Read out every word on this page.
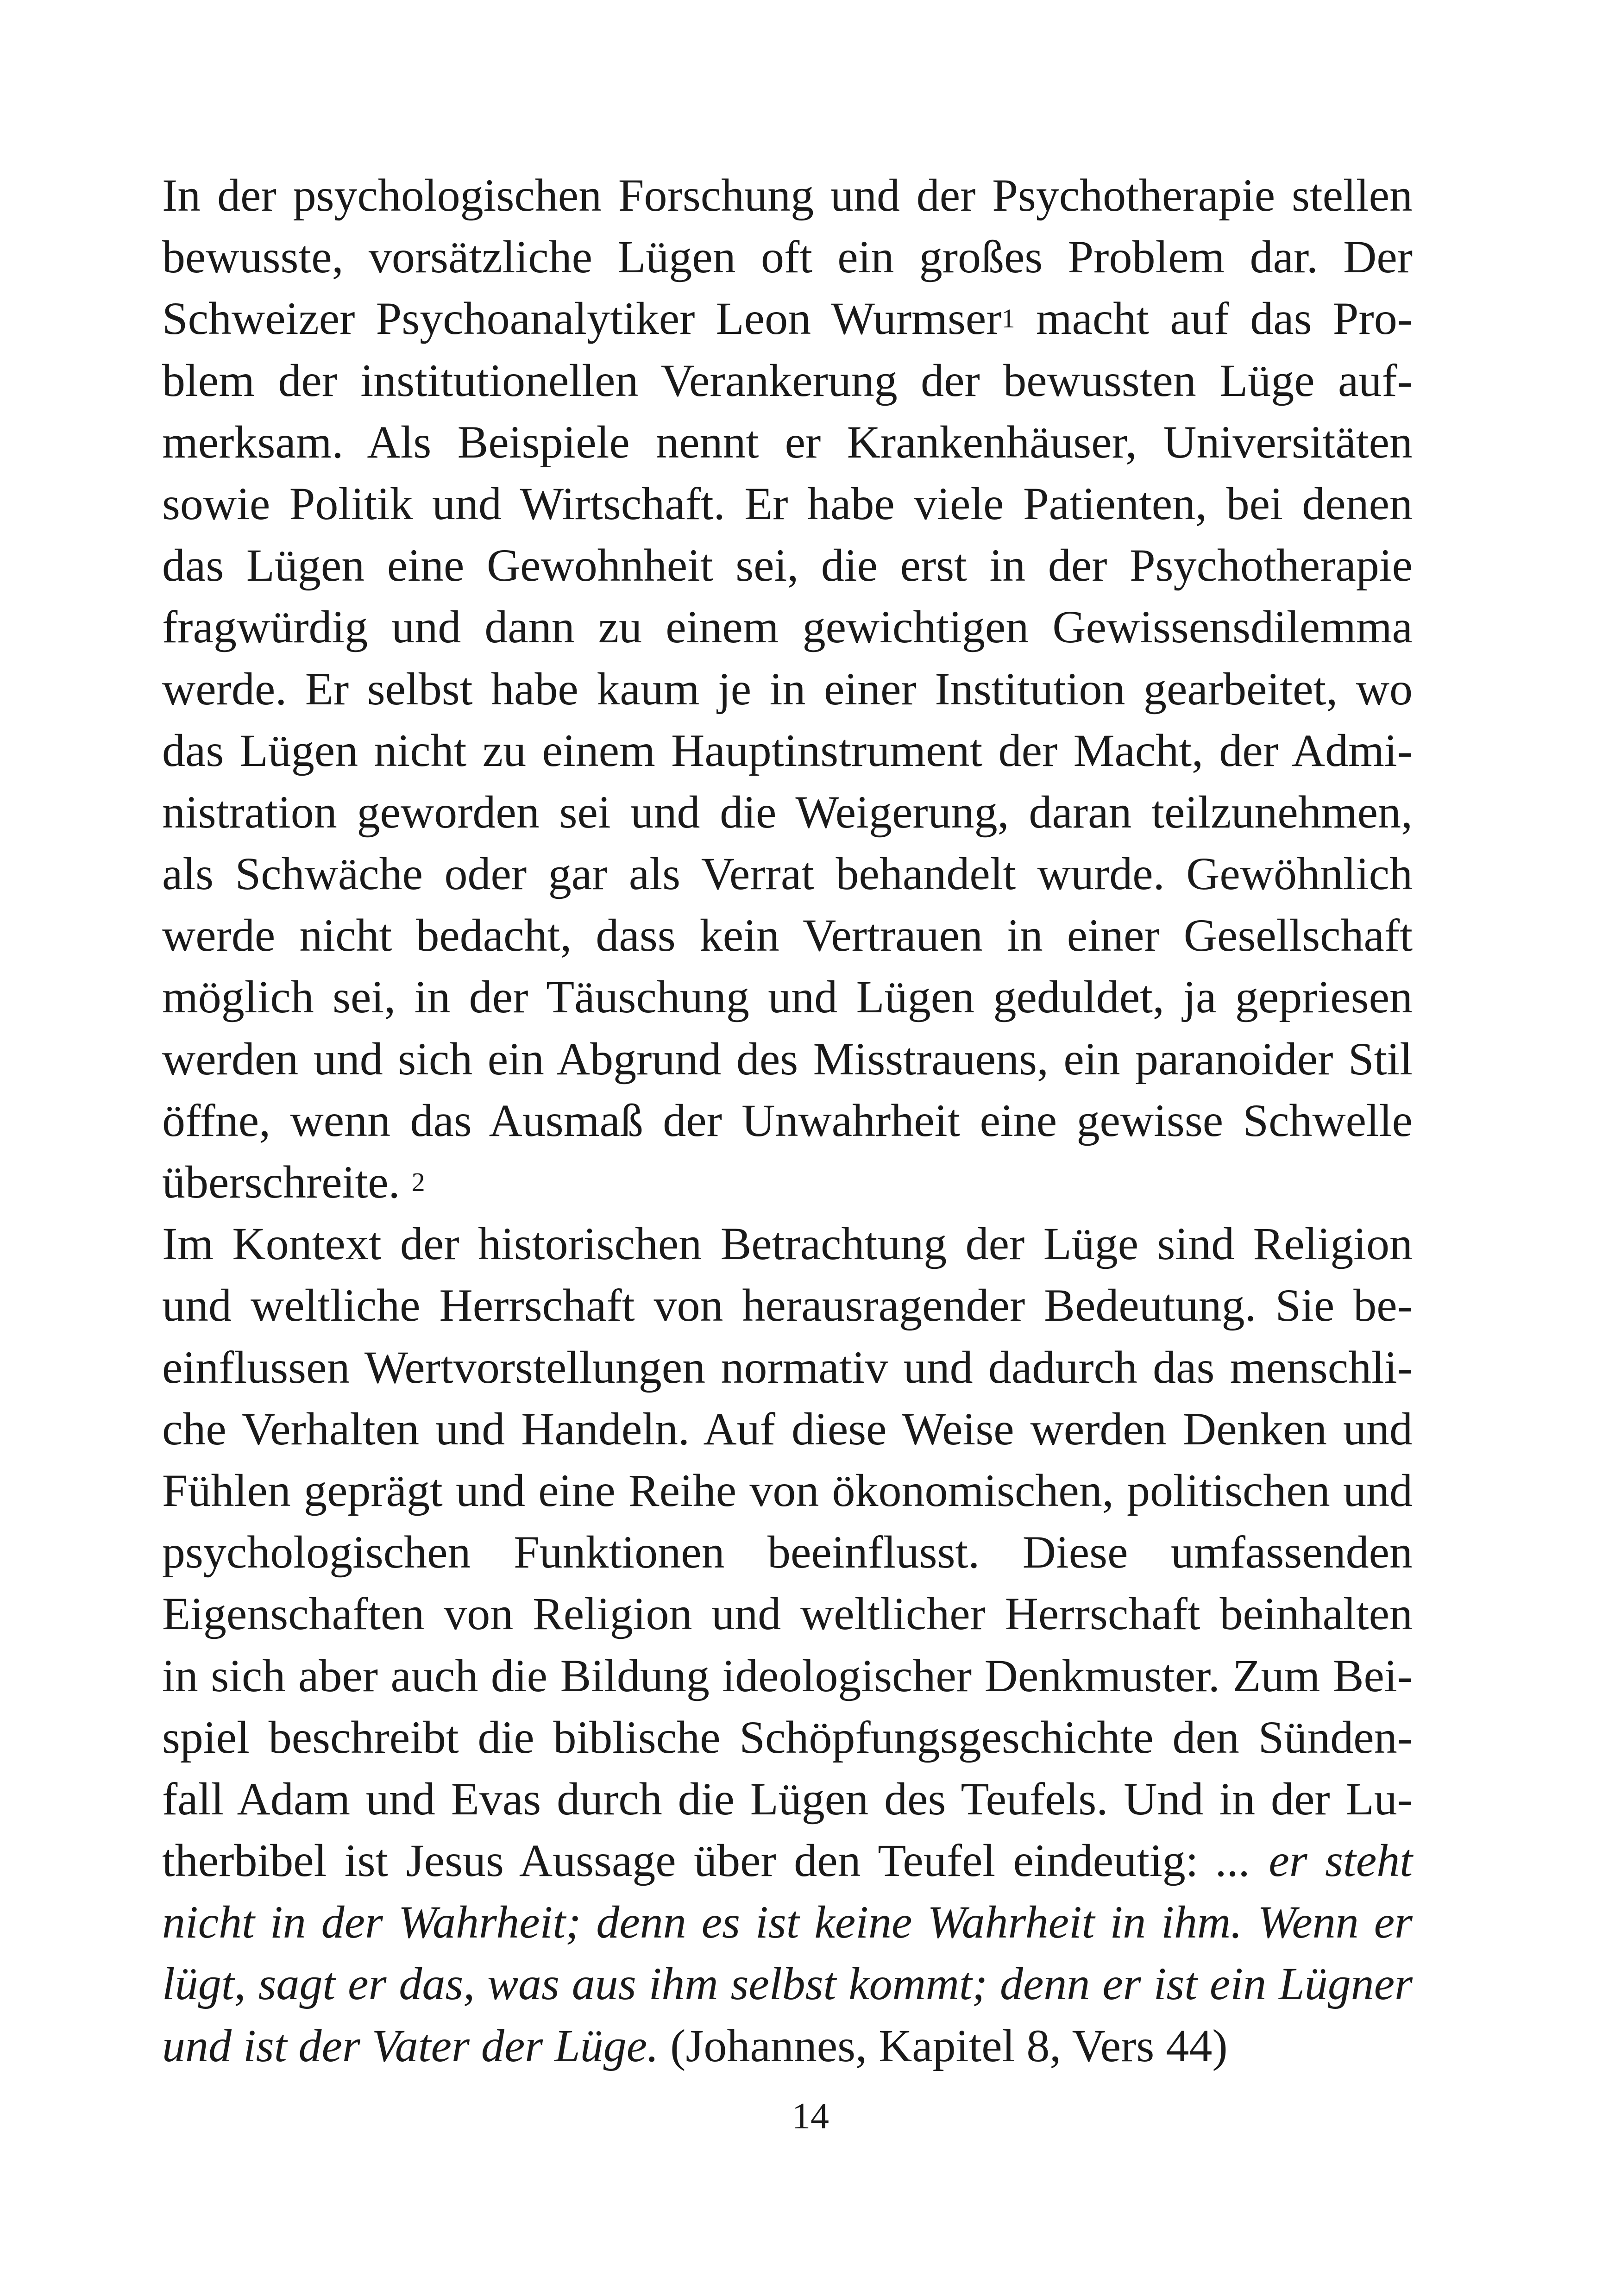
In der psychologischen Forschung und der Psychotherapie stellen
bewusste, vorsätzliche Lügen oft ein großes Problem dar. Der
Schweizer Psychoanalytiker Leon Wurmser$^1$ macht auf das Pro-
blem der institutionellen Verankerung der bewussten Lüge auf-
merksam. Als Beispiele nennt er Krankenhäuser, Universitäten
sowie Politik und Wirtschaft. Er habe viele Patienten, bei denen
das Lügen eine Gewohnheit sei, die erst in der Psychotherapie
fragwürdig und dann zu einem gewichtigen Gewissensdilemma
werde. Er selbst habe kaum je in einer Institution gearbeitet, wo
das Lügen nicht zu einem Hauptinstrument der Macht, der Admi-
nistration geworden sei und die Weigerung, daran teilzunehmen,
als Schwäche oder gar als Verrat behandelt wurde. Gewöhnlich
werde nicht bedacht, dass kein Vertrauen in einer Gesellschaft
möglich sei, in der Täuschung und Lügen geduldet, ja gepriesen
werden und sich ein Abgrund des Misstrauens, ein paranoider Stil
öffne, wenn das Ausmaß der Unwahrheit eine gewisse Schwelle
überschreite. $^2$
Im Kontext der historischen Betrachtung der Lüge sind Religion
und weltliche Herrschaft von herausragender Bedeutung. Sie be-
einflussen Wertvorstellungen normativ und dadurch das menschli-
che Verhalten und Handeln. Auf diese Weise werden Denken und
Fühlen geprägt und eine Reihe von ökonomischen, politischen und
psychologischen Funktionen beeinflusst. Diese umfassenden
Eigenschaften von Religion und weltlicher Herrschaft beinhalten
in sich aber auch die Bildung ideologischer Denkmuster. Zum Bei-
spiel beschreibt die biblische Schöpfungsgeschichte den Sünden-
fall Adam und Evas durch die Lügen des Teufels. Und in der Lu-
therbibel ist Jesus Aussage über den Teufel eindeutig: ... er steht
nicht in der Wahrheit; denn es ist keine Wahrheit in ihm. Wenn er
lügt, sagt er das, was aus ihm selbst kommt; denn er ist ein Lügner
und ist der Vater der Lüge. (Johannes, Kapitel 8, Vers 44)
14
